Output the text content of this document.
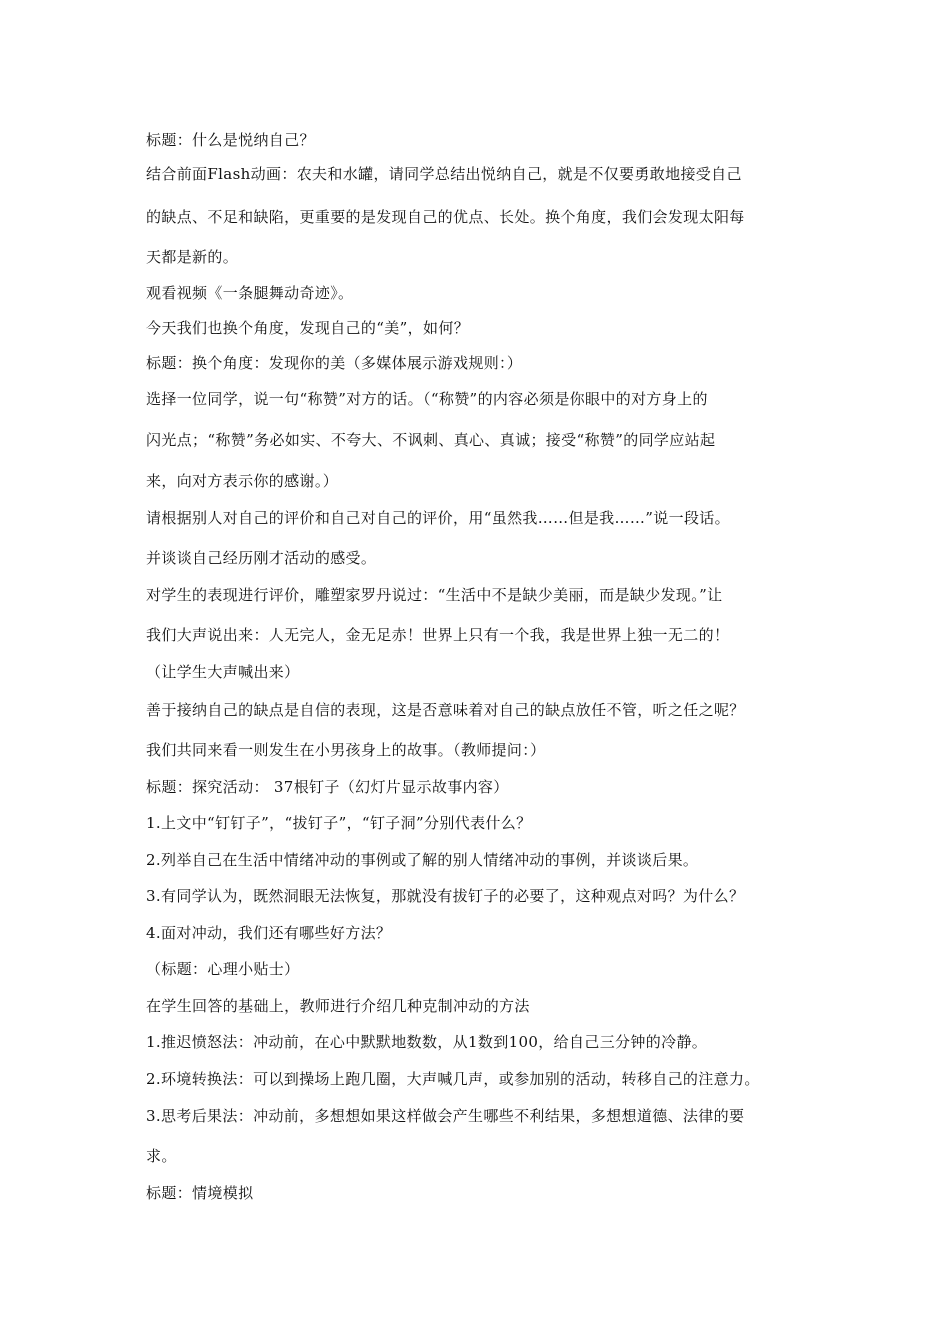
标题：什么是悦纳自己？
结合前面Flash动画：农夫和水罐，请同学总结出悦纳自己，就是不仅要勇敢地接受自己
的缺点、不足和缺陷，更重要的是发现自己的优点、长处。换个角度，我们会发现太阳每
天都是新的。
观看视频《一条腿舞动奇迹》。
今天我们也换个角度，发现自己的“美”，如何？
标题：换个角度：发现你的美（多媒体展示游戏规则：）
选择一位同学，说一句“称赞”对方的话。（“称赞”的内容必须是你眼中的对方身上的
闪光点；“称赞”务必如实、不夸大、不讽刺、真心、真诚；接受“称赞”的同学应站起
来，向对方表示你的感谢。）
请根据别人对自己的评价和自己对自己的评价，用“虽然我……但是我……”说一段话。
并谈谈自己经历刚才活动的感受。
对学生的表现进行评价，雕塑家罗丹说过：“生活中不是缺少美丽，而是缺少发现。”让
我们大声说出来：人无完人，金无足赤！世界上只有一个我，我是世界上独一无二的！
（让学生大声喊出来）
善于接纳自己的缺点是自信的表现，这是否意味着对自己的缺点放任不管，听之任之呢？
我们共同来看一则发生在小男孩身上的故事。（教师提问：）
标题：探究活动： 37根钉子（幻灯片显示故事内容）
1.上文中“钉钉子”，“拔钉子”，“钉子洞”分别代表什么？
2.列举自己在生活中情绪冲动的事例或了解的别人情绪冲动的事例，并谈谈后果。
3.有同学认为，既然洞眼无法恢复，那就没有拔钉子的必要了，这种观点对吗？为什么？
4.面对冲动，我们还有哪些好方法？
（标题：心理小贴士）
在学生回答的基础上，教师进行介绍几种克制冲动的方法
1.推迟愤怒法：冲动前，在心中默默地数数，从1数到100，给自己三分钟的冷静。
2.环境转换法：可以到操场上跑几圈，大声喊几声，或参加别的活动，转移自己的注意力。
3.思考后果法：冲动前，多想想如果这样做会产生哪些不利结果，多想想道德、法律的要
求。
标题：情境模拟
